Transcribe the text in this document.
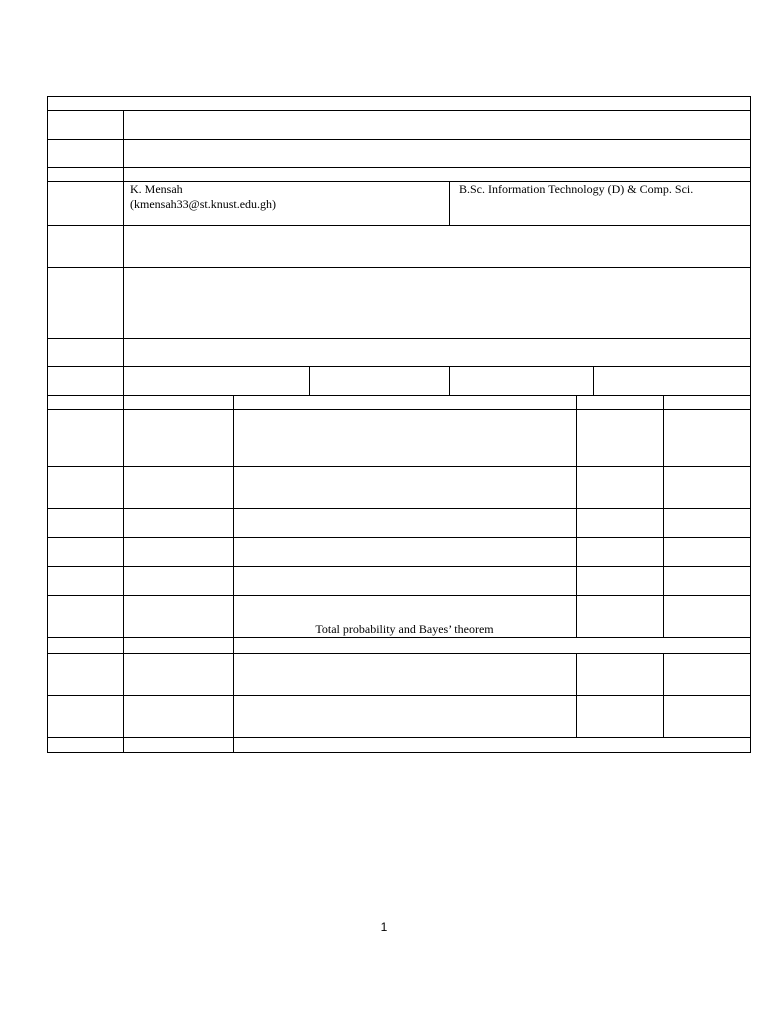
K. Mensah
(kmensah33@st.knust.edu.gh)
B.Sc. Information Technology (D) & Comp. Sci.
Total probability and Bayes’ theorem
1
